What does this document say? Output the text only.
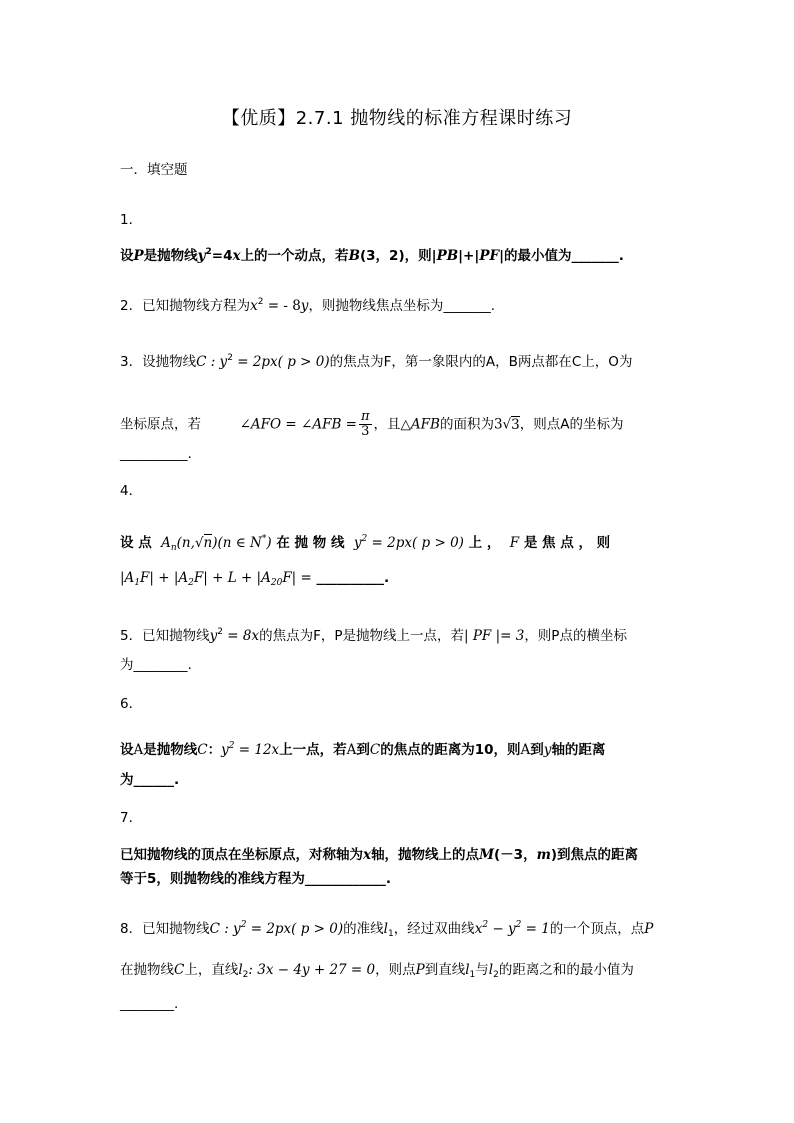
【优质】2.7.1 抛物线的标准方程课时练习
一．填空题
1．
设P是抛物线$y^2=4x$上的一个动点，若B(3，2)，则|PB|+|PF|的最小值为_______.
2．已知抛物线方程为$x^2$ = - 8y，则抛物线焦点坐标为_______.
3．设抛物线C : $y^2 = 2px$( p > 0)的焦点为F，第一象限内的A，B两点都在C上，O为
坐标原点，若	∠AFO = ∠AFB = $\frac{\pi}{3}$ ，且△AFB的面积为3√3，则点A的坐标为
__________.
4．
设 点 $A_n(n,√n)(n$ ∈ N*) 在 抛 物 线 $y^2 = 2px$( p > 0) 上 ， F 是 焦 点 ， 则
$|A_1F| + |A_2F| + L + |A_{20}F|$ = __________.
5．已知抛物线$y^2 = 8x$的焦点为F，P是抛物线上一点，若| PF |= 3，则P点的横坐标
为________.
6．
设A是抛物线C：$y^2 = 12x$上一点，若A到C的焦点的距离为10，则A到y轴的距离
为______.
7．
已知抛物线的顶点在坐标原点，对称轴为x轴，抛物线上的点M(－3，m)到焦点的距离
等于5，则抛物线的准线方程为____________.
8．已知抛物线C : $y^2 = 2px$( p > 0)的准线$l_1$，经过双曲线$x^2 - y^2 = 1$的一个顶点，点P
在抛物线C上，直线$l_2$: 3x − 4y + 27 = 0，则点P到直线$l_1$与$l_2$的距离之和的最小值为
________.
